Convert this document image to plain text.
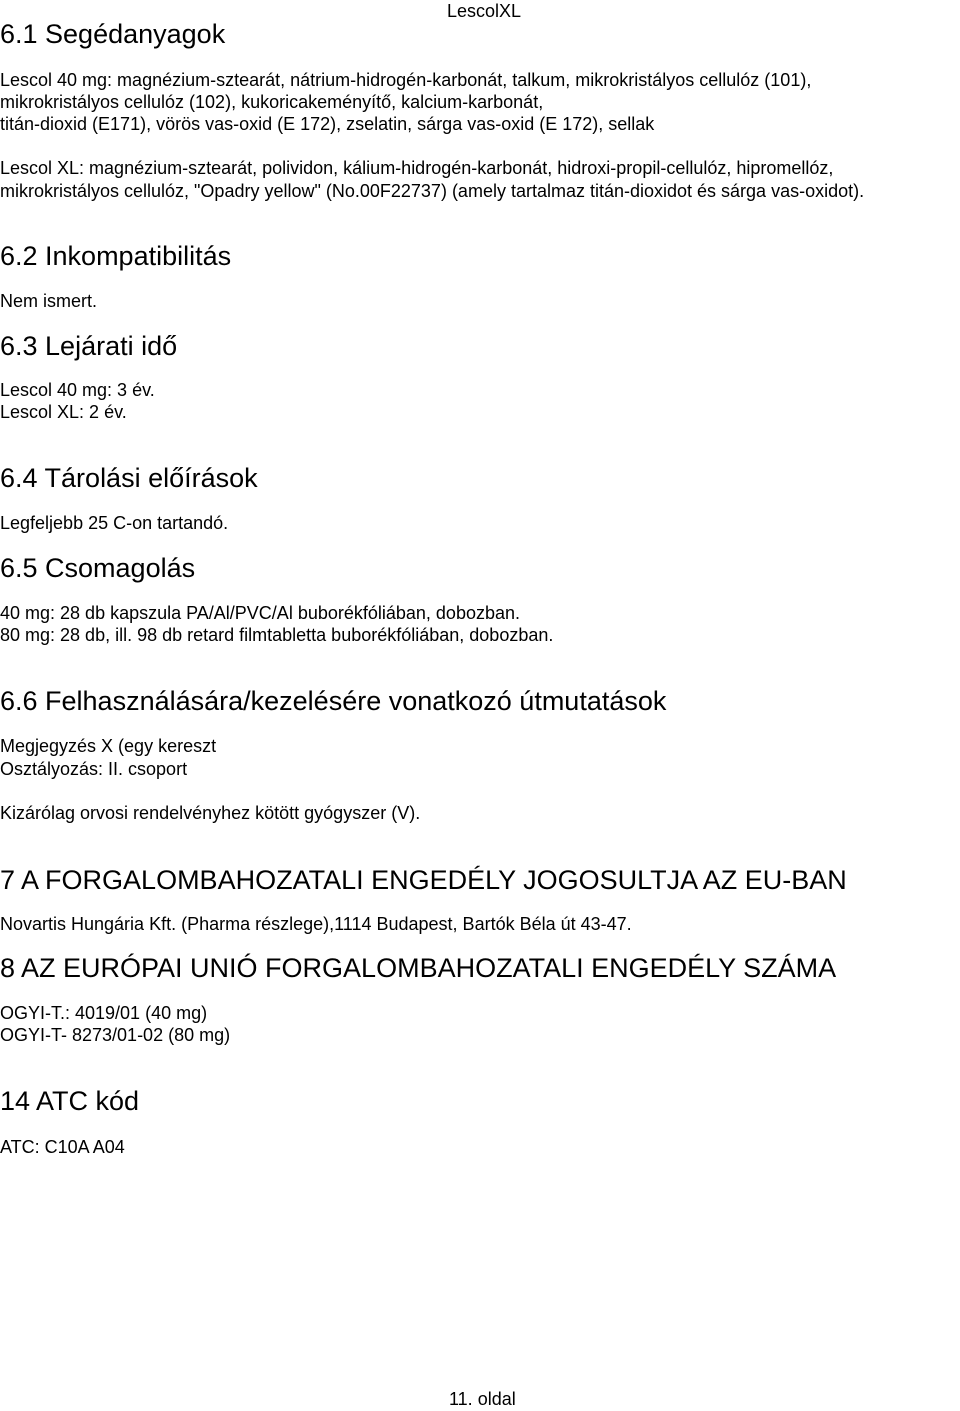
LescolXL
6.1 Segédanyagok

Lescol 40 mg: magnézium-sztearát, nátrium-hidrogén-karbonát, talkum, mikrokristályos cellulóz (101),

mikrokristályos cellulóz (102), kukoricakeményítő, kalcium-karbonát,

titán-dioxid (E171), vörös vas-oxid (E 172), zselatin, sárga vas-oxid (E 172), sellak

Lescol XL: magnézium-sztearát, polividon, kálium-hidrogén-karbonát, hidroxi-propil-cellulóz, hipromellóz,

mikrokristályos cellulóz, "Opadry yellow" (No.00F22737) (amely tartalmaz titán-dioxidot és sárga vas-oxidot).

6.2 Inkompatibilitás

Nem ismert.

6.3 Lejárati idő

Lescol 40 mg: 3 év.

Lescol XL: 2 év.

6.4 Tárolási előírások

Legfeljebb 25 C-on tartandó.

6.5 Csomagolás

40 mg: 28 db kapszula PA/Al/PVC/Al buborékfóliában, dobozban.

80 mg: 28 db, ill. 98 db retard filmtabletta buborékfóliában, dobozban.

6.6 Felhasználására/kezelésére vonatkozó útmutatások

Megjegyzés X (egy kereszt

Osztályozás: II. csoport

Kizárólag orvosi rendelvényhez kötött gyógyszer (V).

7 A FORGALOMBAHOZATALI ENGEDÉLY JOGOSULTJA AZ EU-BAN

Novartis Hungária Kft. (Pharma részlege),1114 Budapest, Bartók Béla út 43-47.

8 AZ EURÓPAI UNIÓ FORGALOMBAHOZATALI ENGEDÉLY SZÁMA

OGYI-T.: 4019/01 (40 mg)

OGYI-T- 8273/01-02 (80 mg)

14 ATC kód

ATC: C10A A04

11. oldal
